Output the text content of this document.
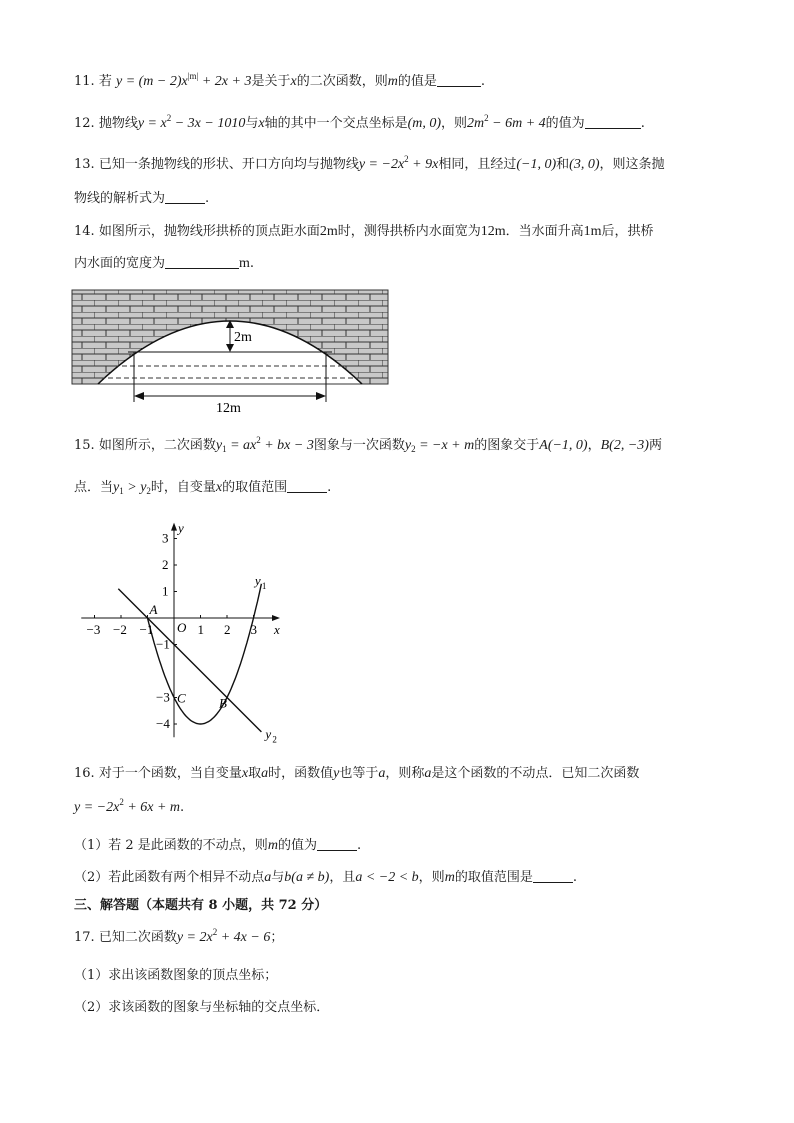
11. 若 $y = (m - 2)x^{|m|} + 2x + 3$是关于x的二次函数，则m的值是	.
12. 抛物线$y = x^2 - 3x - 1010$与x轴的其中一个交点坐标是(m, 0)，则$2m^2 - 6m + 4$的值为	.
13. 已知一条抛物线的形状、开口方向均与抛物线$y = -2x^2 + 9x$相同，且经过(−1, 0)和(3, 0)，则这条抛
物线的解析式为	.
14. 如图所示，抛物线形拱桥的顶点距水面2m时，测得拱桥内水面宽为12m．当水面升高1m后，拱桥
内水面的宽度为	m.
2m
12m
15. 如图所示，二次函数$y_1 = ax^2$ + bx − 3图象与一次函数$y_2 = -x + m$的图象交于A(−1, 0)，B(2, −3)两
点．当$y_1 > y_2$时，自变量x的取值范围	.
x
y
−3 −2 −1	1 2 3
3
2
1
−1
−3
−4
O
y 1
y 2
A
B
C
16. 对于一个函数，当自变量x取a时，函数值y也等于a，则称a是这个函数的不动点．已知二次函数
$y = -2x^2 + 6x + m$.
（1）若 2 是此函数的不动点，则m的值为	.
（2）若此函数有两个相异不动点a与b(a ≠ b)，且a < −2 < b，则m的取值范围是	.
三、解答题（本题共有 8 小题，共 72 分）
17. 已知二次函数$y = 2x^2 + 4x - 6$；
（1）求出该函数图象的顶点坐标；
（2）求该函数的图象与坐标轴的交点坐标．
